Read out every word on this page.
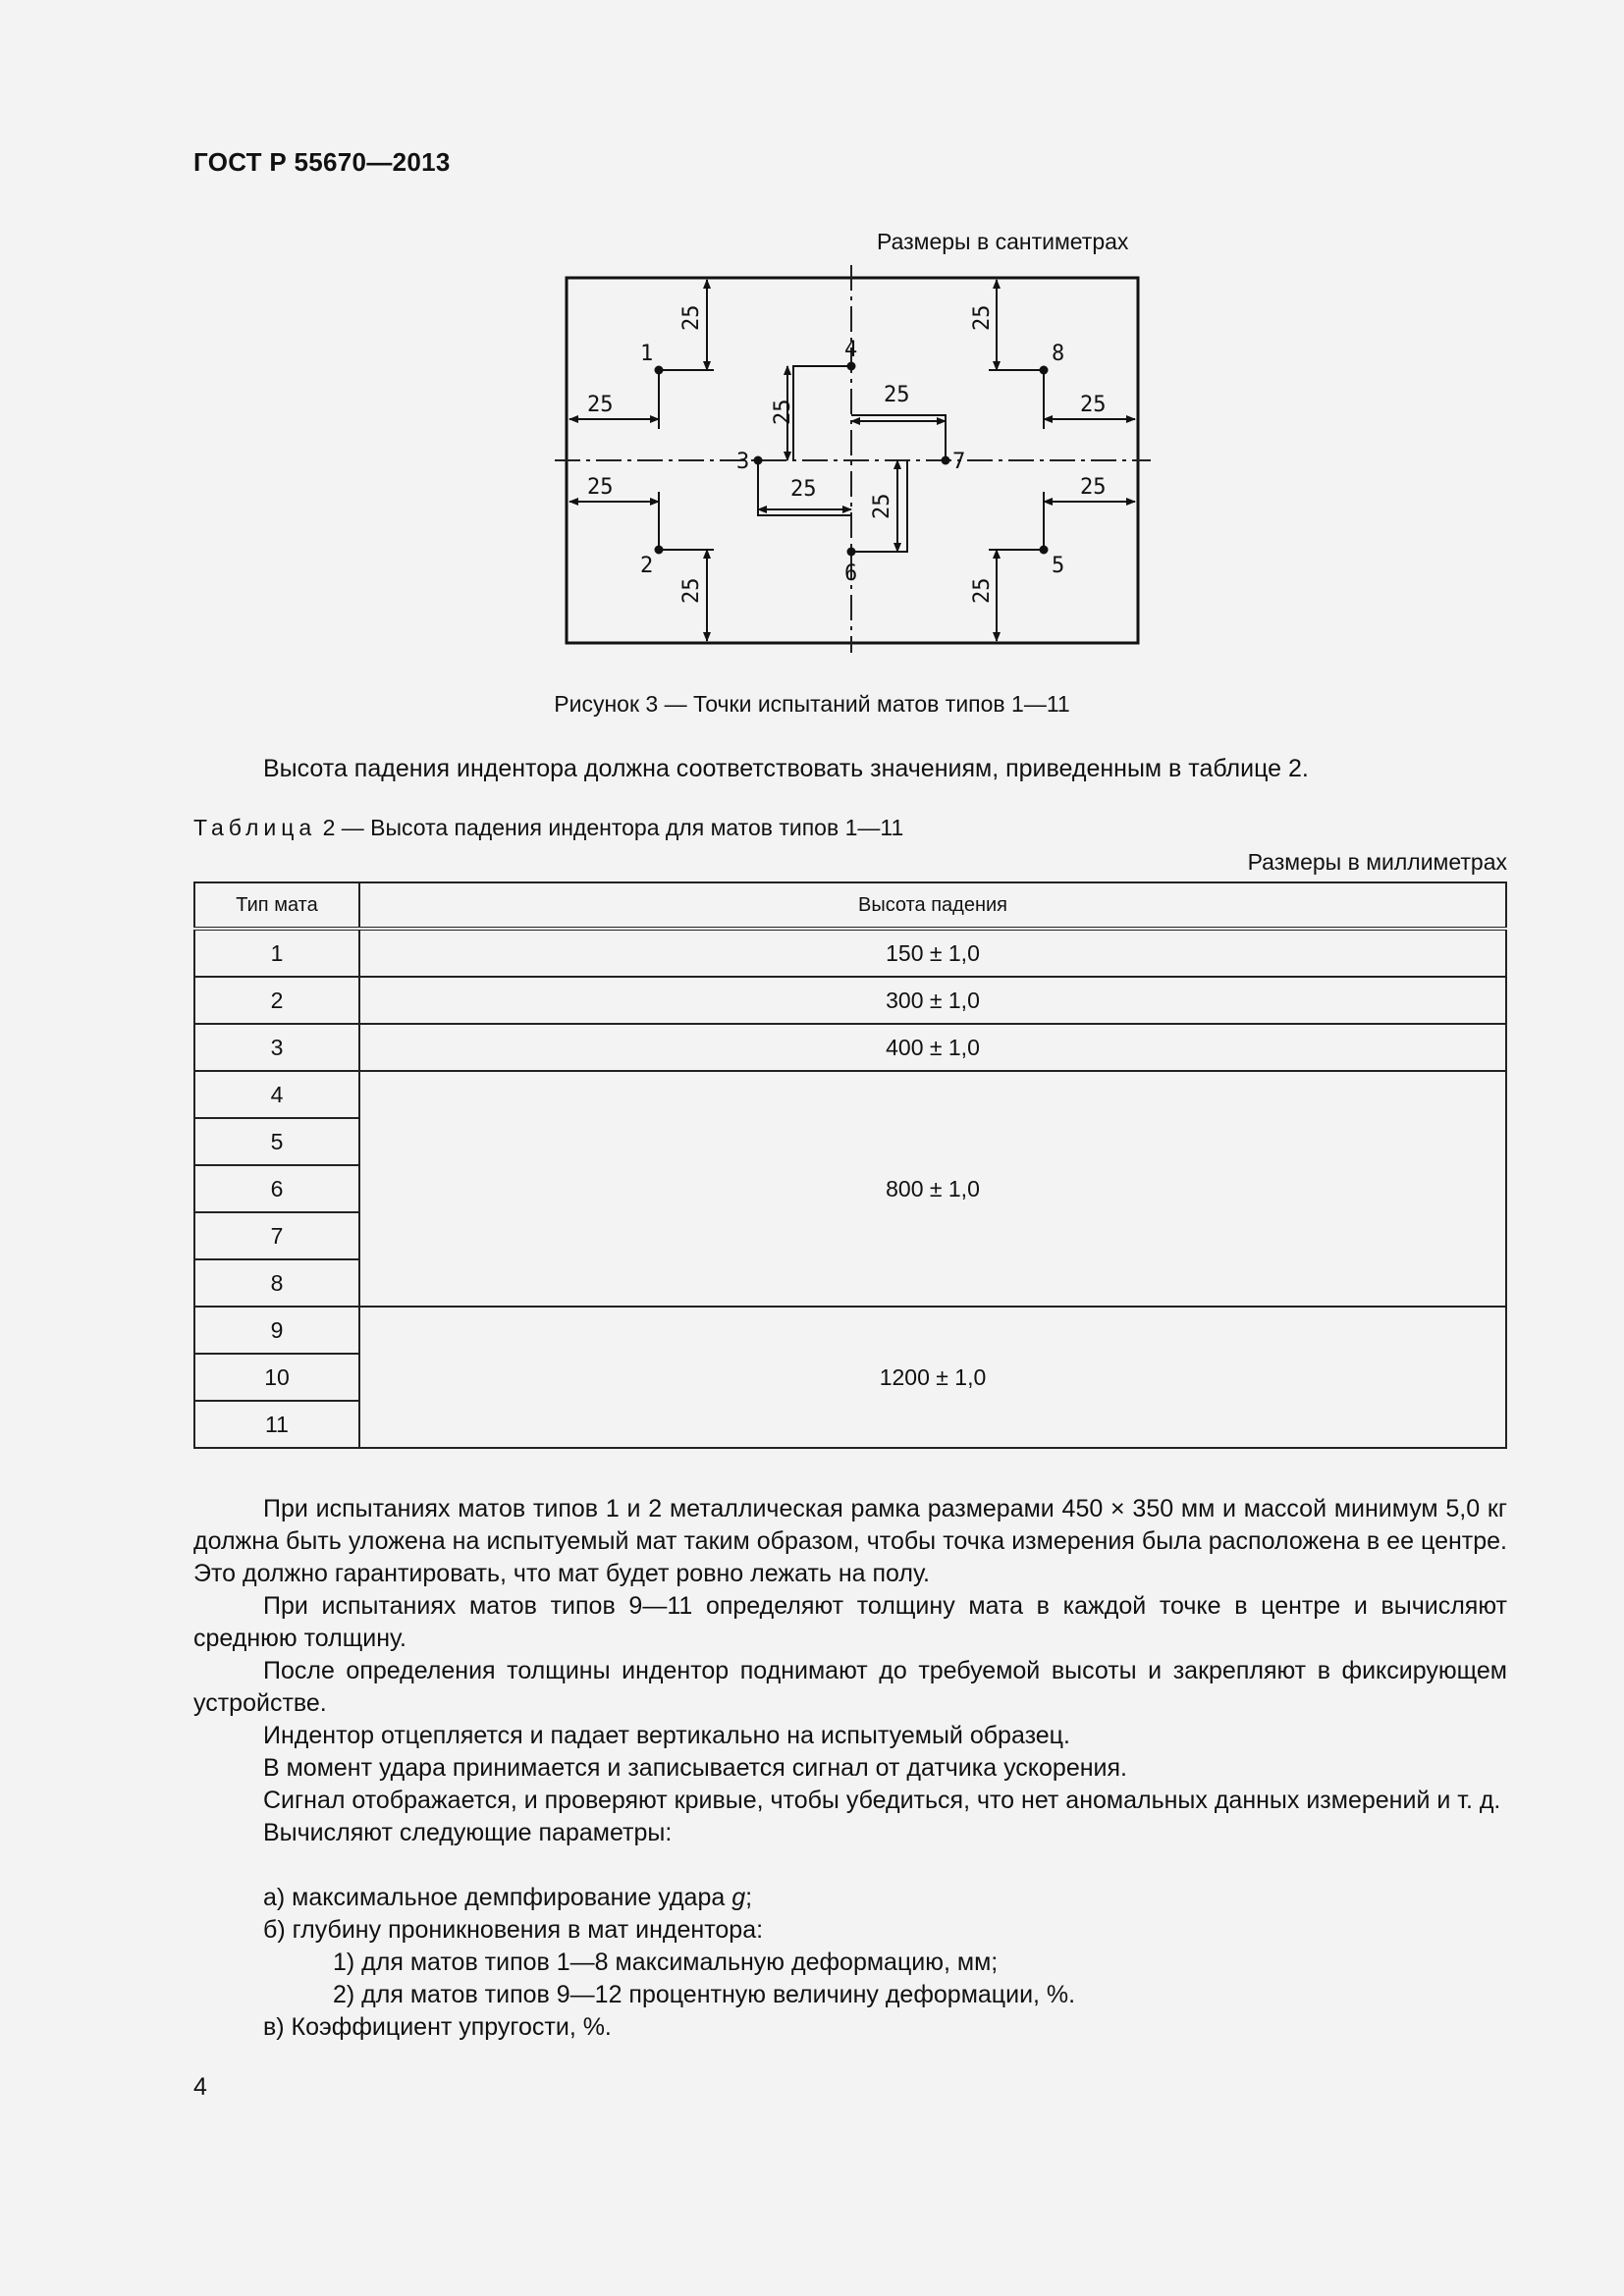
ГОСТ Р 55670—2013
Размеры в сантиметрах
1
2
3
4
5
6
7
8
25
25
25
25
25
25
25
25
25
25
25
25
Рисунок 3 — Точки испытаний матов типов 1—11
Высота падения индентора должна соответствовать значениям, приведенным в таблице 2.
Таблица 2 — Высота падения индентора для матов типов 1—11
Размеры в миллиметрах
Тип мата	Высота падения
1	150 ± 1,0
2	300 ± 1,0
3	400 ± 1,0
4	800 ± 1,0
5	
6	
7	
8	
9	1200 ± 1,0
10	
11	

При испытаниях матов типов 1 и 2 металлическая рамка размерами 450 × 350 мм и массой минимум 5,0 кг должна быть уложена на испытуемый мат таким образом, чтобы точка измерения была расположена в ее центре. Это должно гарантировать, что мат будет ровно лежать на полу.

При испытаниях матов типов 9—11 определяют толщину мата в каждой точке в центре и вычисляют среднюю толщину.

После определения толщины индентор поднимают до требуемой высоты и закрепляют в фиксирующем устройстве.

Индентор отцепляется и падает вертикально на испытуемый образец.

В момент удара принимается и записывается сигнал от датчика ускорения.

Сигнал отображается, и проверяют кривые, чтобы убедиться, что нет аномальных данных измерений и т. д.

Вычисляют следующие параметры:

а) максимальное демпфирование удара g;
б) глубину проникновения в мат индентора:
1) для матов типов 1—8 максимальную деформацию, мм;
2) для матов типов 9—12 процентную величину деформации, %.
в) Коэффициент упругости, %.
4
